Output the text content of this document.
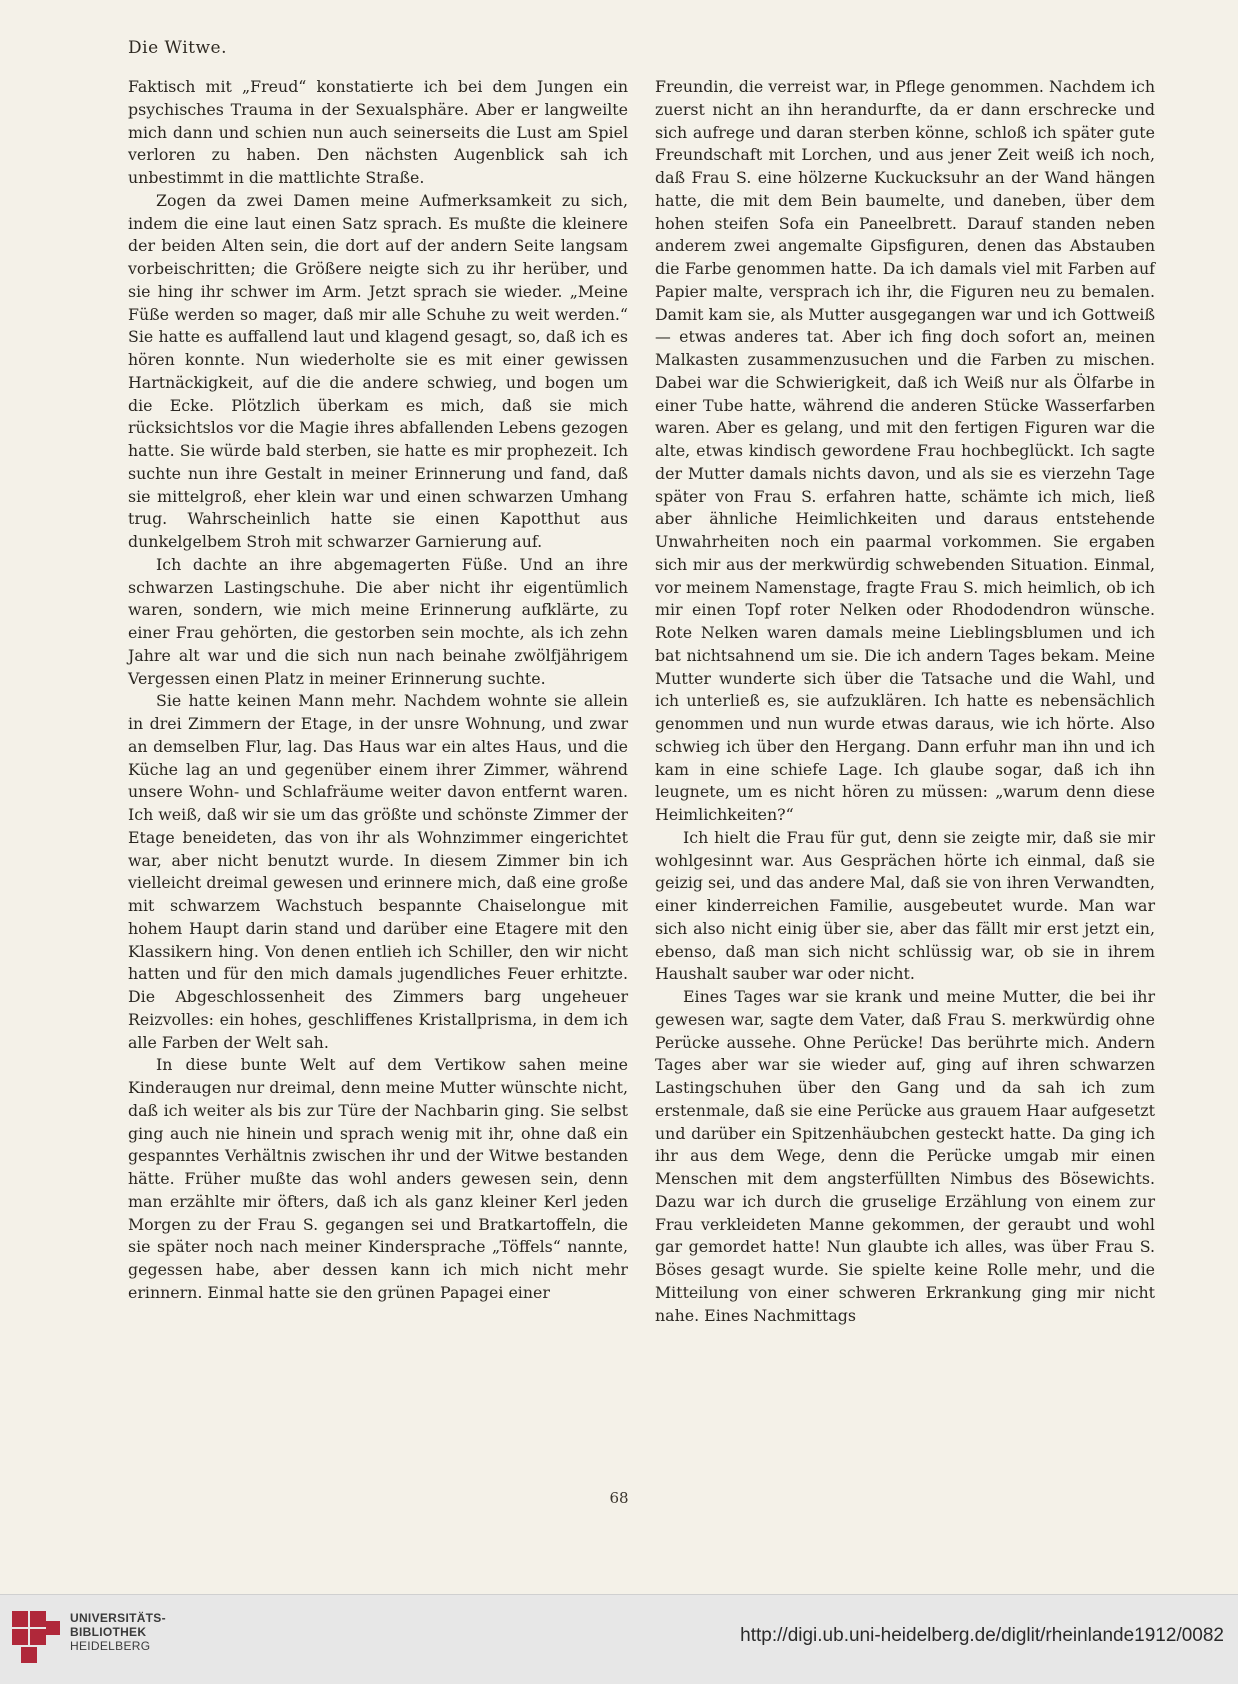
Die Witwe.

Faktisch mit „Freud“ konstatierte ich bei dem Jungen ein psychisches Trauma in der Sexualsphäre. Aber er langweilte mich dann und schien nun auch seinerseits die Lust am Spiel verloren zu haben. Den nächsten Augenblick sah ich unbestimmt in die mattlichte Straße.

Zogen da zwei Damen meine Aufmerksamkeit zu sich, indem die eine laut einen Satz sprach. Es mußte die kleinere der beiden Alten sein, die dort auf der andern Seite langsam vorbeischritten; die Größere neigte sich zu ihr herüber, und sie hing ihr schwer im Arm. Jetzt sprach sie wieder. „Meine Füße werden so mager, daß mir alle Schuhe zu weit werden.“ Sie hatte es auffallend laut und klagend gesagt, so, daß ich es hören konnte. Nun wiederholte sie es mit einer gewissen Hartnäckigkeit, auf die die andere schwieg, und bogen um die Ecke. Plötzlich überkam es mich, daß sie mich rücksichtslos vor die Magie ihres abfallenden Lebens gezogen hatte. Sie würde bald sterben, sie hatte es mir prophezeit. Ich suchte nun ihre Gestalt in meiner Erinnerung und fand, daß sie mittelgroß, eher klein war und einen schwarzen Umhang trug. Wahrscheinlich hatte sie einen Kapotthut aus dunkelgelbem Stroh mit schwarzer Garnierung auf.

Ich dachte an ihre abgemagerten Füße. Und an ihre schwarzen Lastingschuhe. Die aber nicht ihr eigentümlich waren, sondern, wie mich meine Erinnerung aufklärte, zu einer Frau gehörten, die gestorben sein mochte, als ich zehn Jahre alt war und die sich nun nach beinahe zwölfjährigem Vergessen einen Platz in meiner Erinnerung suchte.

Sie hatte keinen Mann mehr. Nachdem wohnte sie allein in drei Zimmern der Etage, in der unsre Wohnung, und zwar an demselben Flur, lag. Das Haus war ein altes Haus, und die Küche lag an und gegenüber einem ihrer Zimmer, während unsere Wohn- und Schlafräume weiter davon entfernt waren. Ich weiß, daß wir sie um das größte und schönste Zimmer der Etage beneideten, das von ihr als Wohnzimmer eingerichtet war, aber nicht benutzt wurde. In diesem Zimmer bin ich vielleicht dreimal gewesen und erinnere mich, daß eine große mit schwarzem Wachstuch bespannte Chaiselongue mit hohem Haupt darin stand und darüber eine Etagere mit den Klassikern hing. Von denen entlieh ich Schiller, den wir nicht hatten und für den mich damals jugendliches Feuer erhitzte. Die Abgeschlossenheit des Zimmers barg ungeheuer Reizvolles: ein hohes, geschliffenes Kristallprisma, in dem ich alle Farben der Welt sah.

In diese bunte Welt auf dem Vertikow sahen meine Kinderaugen nur dreimal, denn meine Mutter wünschte nicht, daß ich weiter als bis zur Türe der Nachbarin ging. Sie selbst ging auch nie hinein und sprach wenig mit ihr, ohne daß ein gespanntes Verhältnis zwischen ihr und der Witwe bestanden hätte. Früher mußte das wohl anders gewesen sein, denn man erzählte mir öfters, daß ich als ganz kleiner Kerl jeden Morgen zu der Frau S. gegangen sei und Bratkartoffeln, die sie später noch nach meiner Kindersprache „Töffels“ nannte, gegessen habe, aber dessen kann ich mich nicht mehr erinnern. Einmal hatte sie den grünen Papagei einer

Freundin, die verreist war, in Pflege genommen. Nachdem ich zuerst nicht an ihn herandurfte, da er dann erschrecke und sich aufrege und daran sterben könne, schloß ich später gute Freundschaft mit Lorchen, und aus jener Zeit weiß ich noch, daß Frau S. eine hölzerne Kuckucksuhr an der Wand hängen hatte, die mit dem Bein baumelte, und daneben, über dem hohen steifen Sofa ein Paneelbrett. Darauf standen neben anderem zwei angemalte Gipsfiguren, denen das Abstauben die Farbe genommen hatte. Da ich damals viel mit Farben auf Papier malte, versprach ich ihr, die Figuren neu zu bemalen. Damit kam sie, als Mutter ausgegangen war und ich Gottweiß — etwas anderes tat. Aber ich fing doch sofort an, meinen Malkasten zusammenzusuchen und die Farben zu mischen. Dabei war die Schwierigkeit, daß ich Weiß nur als Ölfarbe in einer Tube hatte, während die anderen Stücke Wasserfarben waren. Aber es gelang, und mit den fertigen Figuren war die alte, etwas kindisch gewordene Frau hochbeglückt. Ich sagte der Mutter damals nichts davon, und als sie es vierzehn Tage später von Frau S. erfahren hatte, schämte ich mich, ließ aber ähnliche Heimlichkeiten und daraus entstehende Unwahrheiten noch ein paarmal vorkommen. Sie ergaben sich mir aus der merkwürdig schwebenden Situation. Einmal, vor meinem Namenstage, fragte Frau S. mich heimlich, ob ich mir einen Topf roter Nelken oder Rhododendron wünsche. Rote Nelken waren damals meine Lieblingsblumen und ich bat nichtsahnend um sie. Die ich andern Tages bekam. Meine Mutter wunderte sich über die Tatsache und die Wahl, und ich unterließ es, sie aufzuklären. Ich hatte es nebensächlich genommen und nun wurde etwas daraus, wie ich hörte. Also schwieg ich über den Hergang. Dann erfuhr man ihn und ich kam in eine schiefe Lage. Ich glaube sogar, daß ich ihn leugnete, um es nicht hören zu müssen: „warum denn diese Heimlichkeiten?“

Ich hielt die Frau für gut, denn sie zeigte mir, daß sie mir wohlgesinnt war. Aus Gesprächen hörte ich einmal, daß sie geizig sei, und das andere Mal, daß sie von ihren Verwandten, einer kinderreichen Familie, ausgebeutet wurde. Man war sich also nicht einig über sie, aber das fällt mir erst jetzt ein, ebenso, daß man sich nicht schlüssig war, ob sie in ihrem Haushalt sauber war oder nicht.

Eines Tages war sie krank und meine Mutter, die bei ihr gewesen war, sagte dem Vater, daß Frau S. merkwürdig ohne Perücke aussehe. Ohne Perücke! Das berührte mich. Andern Tages aber war sie wieder auf, ging auf ihren schwarzen Lastingschuhen über den Gang und da sah ich zum erstenmale, daß sie eine Perücke aus grauem Haar aufgesetzt und darüber ein Spitzenhäubchen gesteckt hatte. Da ging ich ihr aus dem Wege, denn die Perücke umgab mir einen Menschen mit dem angsterfüllten Nimbus des Bösewichts. Dazu war ich durch die gruselige Erzählung von einem zur Frau verkleideten Manne gekommen, der geraubt und wohl gar gemordet hatte! Nun glaubte ich alles, was über Frau S. Böses gesagt wurde. Sie spielte keine Rolle mehr, und die Mitteilung von einer schweren Erkrankung ging mir nicht nahe. Eines Nachmittags

68
UNIVERSITÄTS-
BIBLIOTHEK
HEIDELBERG	http://digi.ub.uni-heidelberg.de/diglit/rheinlande1912/0082
